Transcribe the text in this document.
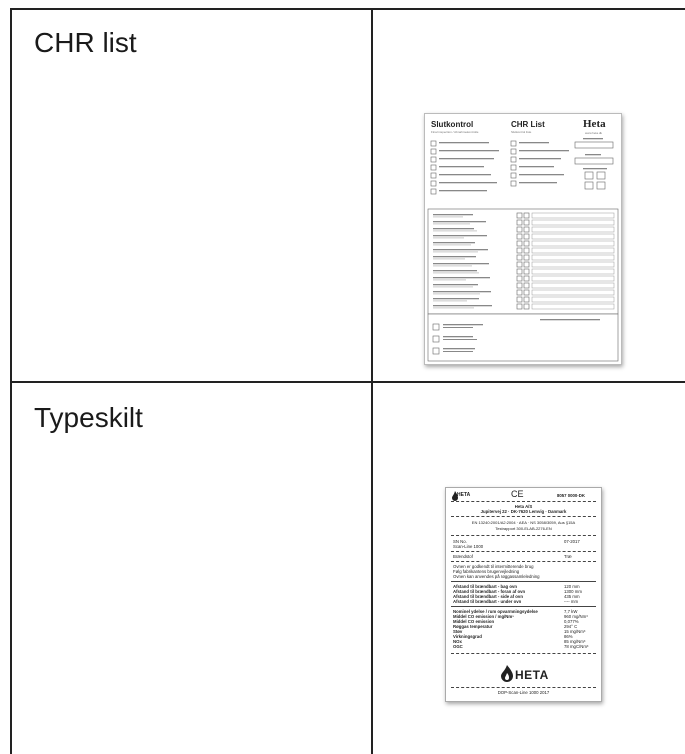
CHR list
Typeskilt
Slutkontrol
Final inspection / Abnahmekontrolle
CHR List
Slutkontrol liste
Heta
www.heta.dk
HETA	CE	8057 0000-DK
Heta A/S
Jupitervej 22 · DK-7620 Lemvig · Danmark
EN 13240:2001/A2:2004 · AEA · NS 3058/3059, Aus §15A
Testrapport 300-ELAB-2276-EN
SN No.	07-2017
Scan-Line 1000
Brændstof	Træ
Ovnen er godkendt til intermitterende brug
Følg fabrikantens brugervejledning
Ovnen kan anvendes på røggassamleledning
Afstand til brændbart - bag ovn	120 mm
Afstand til brændbart - foran af ovn	1300 mm
Afstand til brændbart - side af ovn	435 mm
Afstand til brændbart - under ovn	---- mm
Nominel ydelse / rum opvarmningsydelse	7,7 kW
Middel CO emission / mg/Nm³	960 mg/Nm³
Middel CO emission	0,077%
Røggas temperatur	294° C
Støv	15 mg/Nm³
Virkningsgrad	86%
NOx	85 mg/Nm³
OGC	78 mgC/Nm³
HETA
DOP-Scan-Line 1000 2017
